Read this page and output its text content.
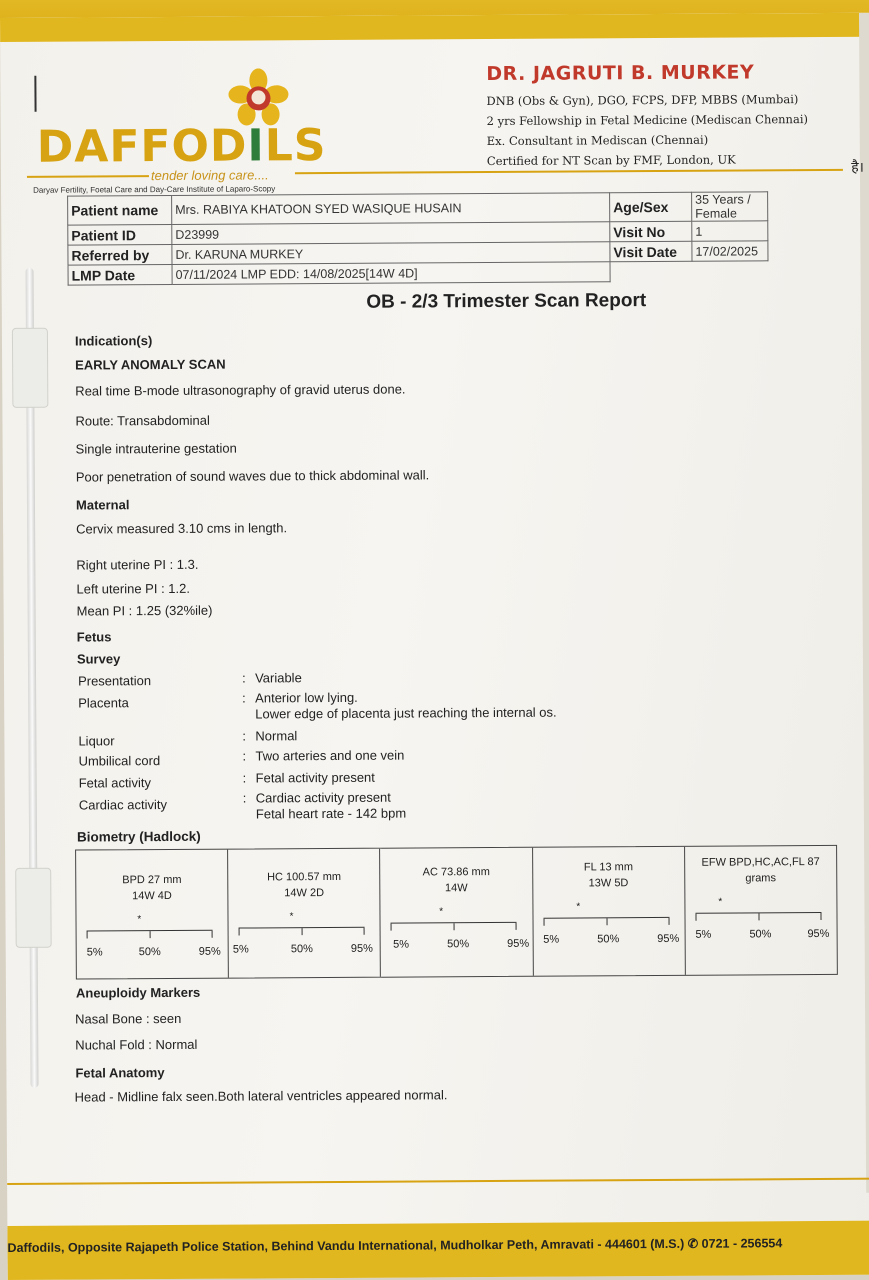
DAFFODILS
Daryav Fertility, Foetal Care and Day-Care Institute of Laparo-Scopy
tender loving care....
DR. JAGRUTI B. MURKEY
DNB (Obs & Gyn), DGO, FCPS, DFP, MBBS (Mumbai)
2 yrs Fellowship in Fetal Medicine (Mediscan Chennai)
Ex. Consultant in Mediscan (Chennai)
Certified for NT Scan by FMF, London, UK	है।
Patient name	Mrs. RABIYA KHATOON SYED WASIQUE HUSAIN	Age/Sex	35 Years / Female
Patient ID	D23999	Visit No	1
Referred by	Dr. KARUNA MURKEY	Visit Date	17/02/2025
LMP Date	07/11/2024 LMP EDD: 14/08/2025[14W 4D]		
OB - 2/3 Trimester Scan Report
Indication(s)
EARLY ANOMALY SCAN
Real time B-mode ultrasonography of gravid uterus done.
Route: Transabdominal
Single intrauterine gestation
Poor penetration of sound waves due to thick abdominal wall.
Maternal
Cervix measured 3.10 cms in length.
Right uterine PI : 1.3.
Left uterine PI : 1.2.
Mean PI : 1.25 (32%ile)
Fetus
Survey
Presentation	: Variable
Placenta	: Anterior low lying.
Lower edge of placenta just reaching the internal os.
Liquor	: Normal
Umbilical cord	: Two arteries and one vein
Fetal activity	: Fetal activity present
Cardiac activity	: Cardiac activity present
Fetal heart rate - 142 bpm
Biometry (Hadlock)
BPD 27 mm
14W 4D
*
5%	50%	95%
HC 100.57 mm
14W 2D
*
5%	50%	95%
AC 73.86 mm
14W
*
5%	50%	95%
FL 13 mm
13W 5D
*
5%	50%	95%
EFW BPD,HC,AC,FL 87
grams
*
5%	50%	95%
Aneuploidy Markers
Nasal Bone : seen
Nuchal Fold : Normal
Fetal Anatomy
Head - Midline falx seen.Both lateral ventricles appeared normal.
Daffodils, Opposite Rajapeth Police Station, Behind Vandu International, Mudholkar Peth, Amravati - 444601 (M.S.) ✆ 0721 - 256554
